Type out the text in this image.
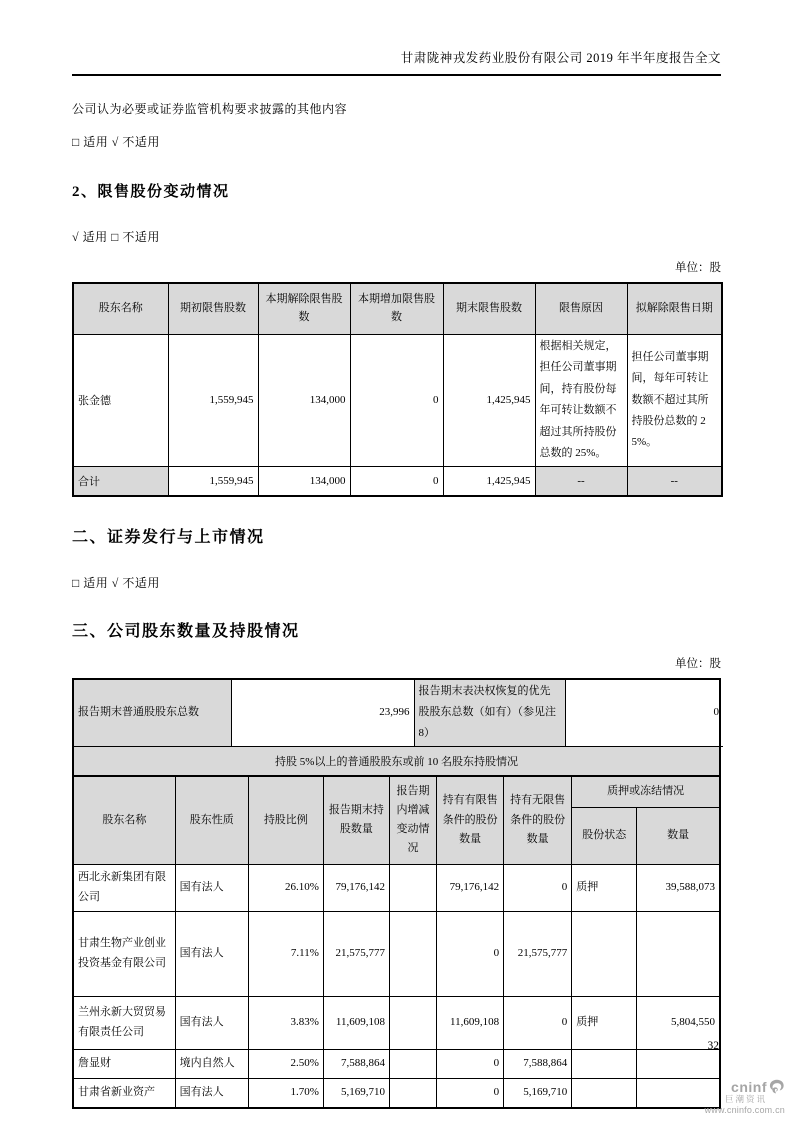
甘肃陇神戎发药业股份有限公司 2019 年半年度报告全文

公司认为必要或证券监管机构要求披露的其他内容

□ 适用 √ 不适用

2、限售股份变动情况

√ 适用 □ 不适用

单位：股
股东名称	期初限售股数	本期解除限售股数	本期增加限售股数	期末限售股数	限售原因	拟解除限售日期
张金德	1,559,945	134,000	0	1,425,945	根据相关规定，担任公司董事期间，持有股份每年可转让数额不超过其所持股份总数的 25%。	担任公司董事期间，每年可转让数额不超过其所持股份总数的 25%。
合计	1,559,945	134,000	0	1,425,945	--	--
二、证券发行与上市情况

□ 适用 √ 不适用

三、公司股东数量及持股情况
单位：股
报告期末普通股股东总数	23,996	报告期末表决权恢复的优先股股东总数（如有）（参见注8）	0
持股 5%以上的普通股股东或前 10 名股东持股情况
股东名称	股东性质	持股比例	报告期末持股数量	报告期内增减变动情况	持有有限售条件的股份数量	持有无限售条件的股份数量	质押或冻结情况	
							股份状态	数量
西北永新集团有限公司	国有法人	26.10%	79,176,142		79,176,142	0	质押	39,588,073
甘肃生物产业创业投资基金有限公司	国有法人	7.11%	21,575,777		0	21,575,777		
兰州永新大贸贸易有限责任公司	国有法人	3.83%	11,609,108		11,609,108	0	质押	5,804,550
詹显财	境内自然人	2.50%	7,588,864		0	7,588,864		
甘肃省新业资产	国有法人	1.70%	5,169,710		0	5,169,710		
32
cninf
巨潮资讯
www.cninfo.com.cn
